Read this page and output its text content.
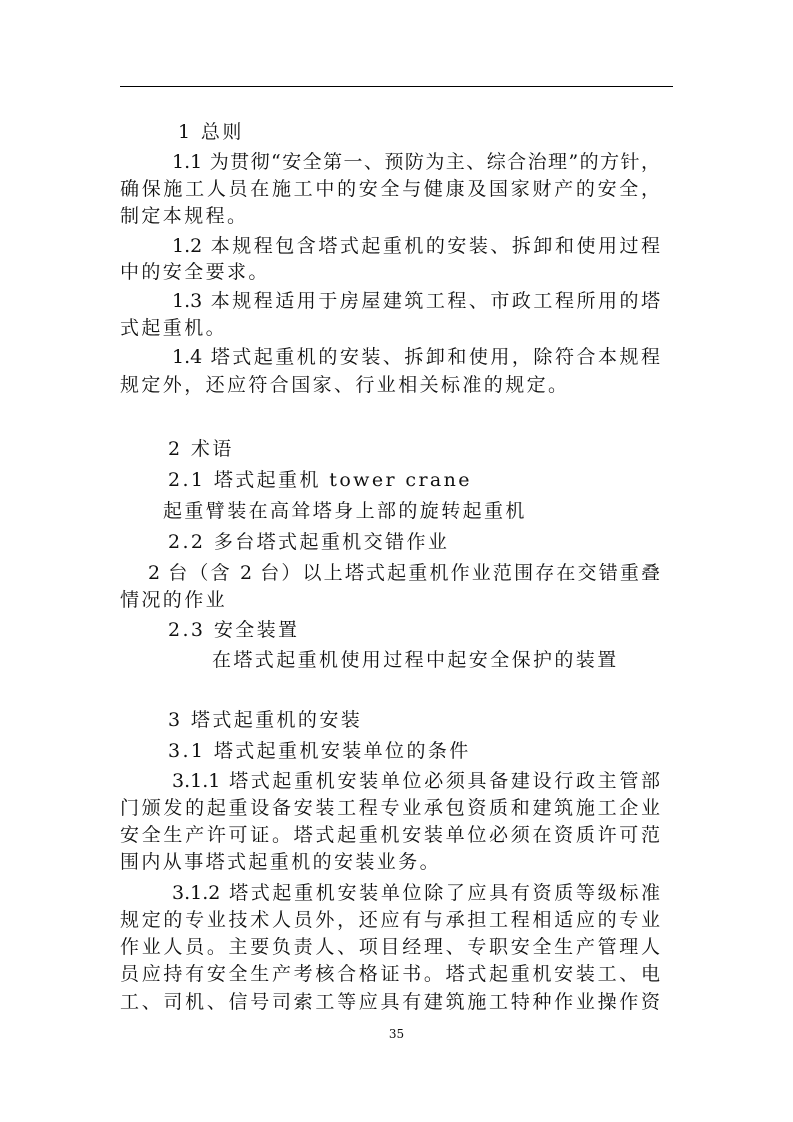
1 总则
1.1 为贯彻“安全第一、预防为主、综合治理”的方针，
确保施工人员在施工中的安全与健康及国家财产的安全，
制定本规程。
1.2 本规程包含塔式起重机的安装、拆卸和使用过程
中的安全要求。
1.3 本规程适用于房屋建筑工程、市政工程所用的塔
式起重机。
1.4 塔式起重机的安装、拆卸和使用，除符合本规程
规定外，还应符合国家、行业相关标准的规定。
2 术语
2.1 塔式起重机 tower crane
起重臂装在高耸塔身上部的旋转起重机
2.2 多台塔式起重机交错作业
2 台（含 2 台）以上塔式起重机作业范围存在交错重叠
情况的作业
2.3 安全装置
在塔式起重机使用过程中起安全保护的装置
3 塔式起重机的安装
3.1 塔式起重机安装单位的条件
3.1.1 塔式起重机安装单位必须具备建设行政主管部
门颁发的起重设备安装工程专业承包资质和建筑施工企业
安全生产许可证。塔式起重机安装单位必须在资质许可范
围内从事塔式起重机的安装业务。
3.1.2 塔式起重机安装单位除了应具有资质等级标准
规定的专业技术人员外，还应有与承担工程相适应的专业
作业人员。主要负责人、项目经理、专职安全生产管理人
员应持有安全生产考核合格证书。塔式起重机安装工、电
工、司机、信号司索工等应具有建筑施工特种作业操作资
35
